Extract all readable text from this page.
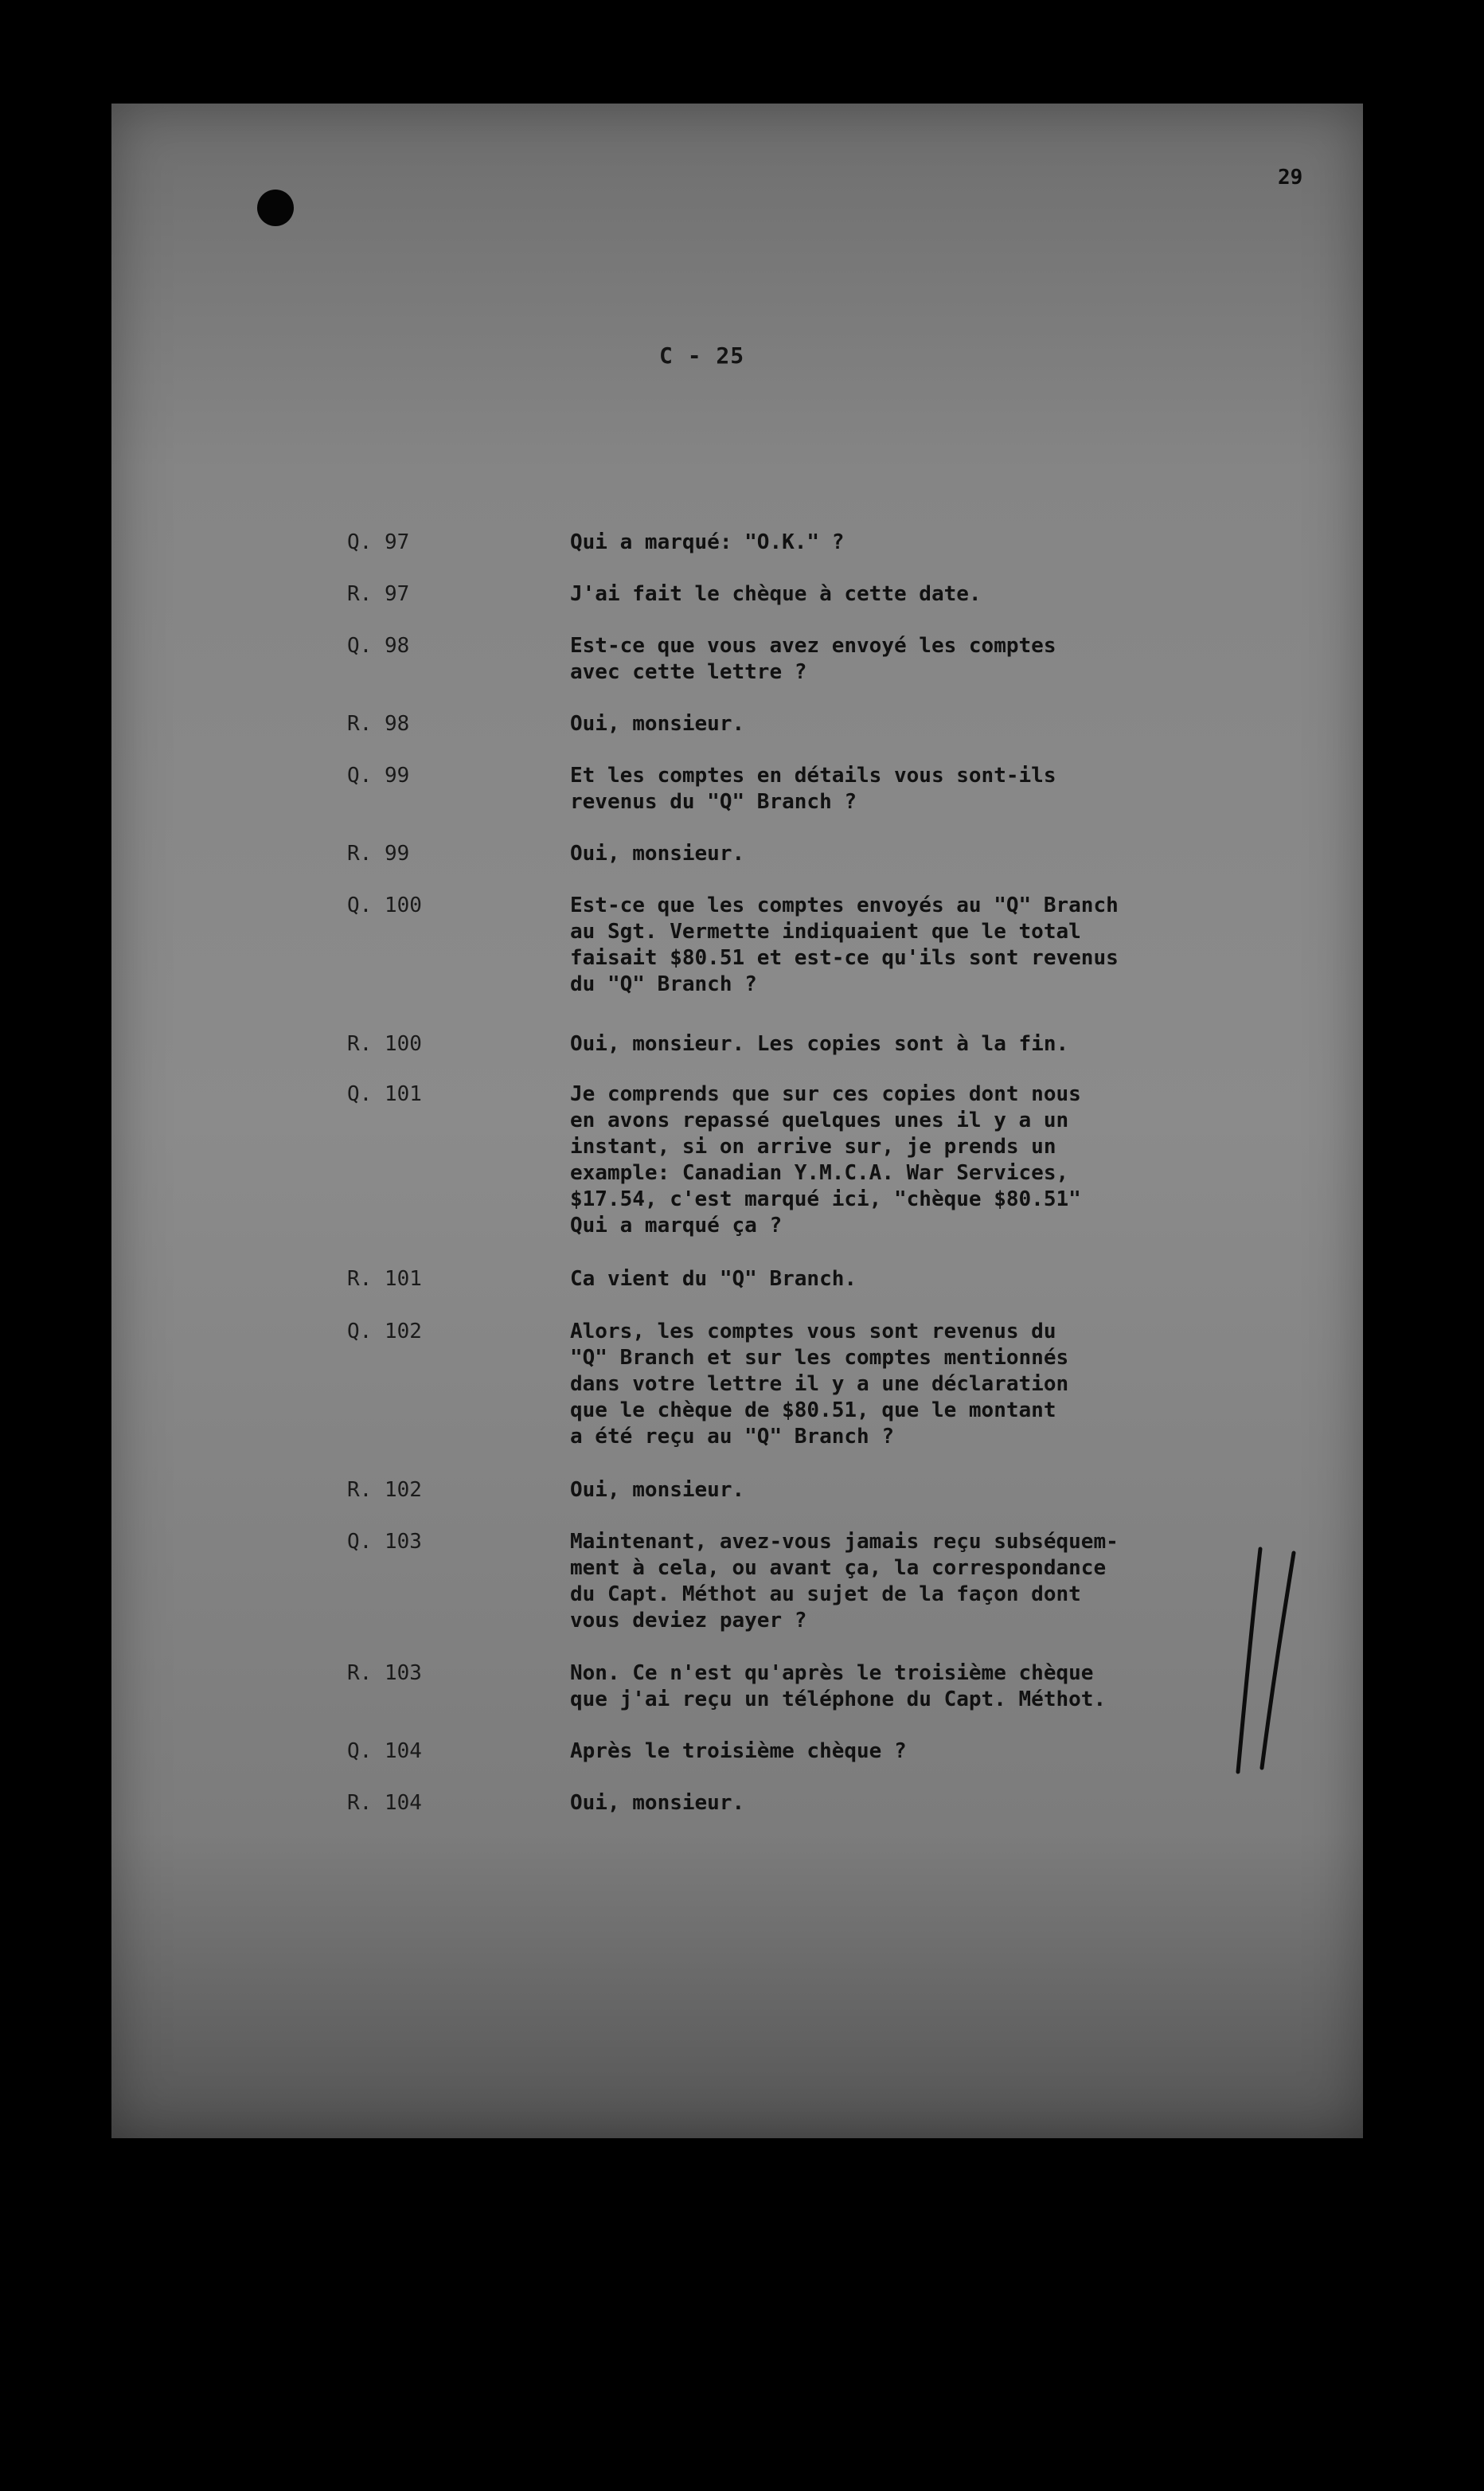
29
C - 25
Q. 97	Qui a marqué: "O.K." ?
R. 97	J'ai fait le chèque à cette date.
Q. 98	Est-ce que vous avez envoyé les comptes
avec cette lettre ?
R. 98	Oui, monsieur.
Q. 99	Et les comptes en détails vous sont-ils
revenus du "Q" Branch ?
R. 99	Oui, monsieur.
Q. 100	Est-ce que les comptes envoyés au "Q" Branch
au Sgt. Vermette indiquaient que le total
faisait $80.51 et est-ce qu'ils sont revenus
du "Q" Branch ?
R. 100	Oui, monsieur. Les copies sont à la fin.
Q. 101	Je comprends que sur ces copies dont nous
en avons repassé quelques unes il y a un
instant, si on arrive sur, je prends un
example: Canadian Y.M.C.A. War Services,
$17.54, c'est marqué ici, "chèque $80.51"
Qui a marqué ça ?
R. 101	Ca vient du "Q" Branch.
Q. 102	Alors, les comptes vous sont revenus du
"Q" Branch et sur les comptes mentionnés
dans votre lettre il y a une déclaration
que le chèque de $80.51, que le montant
a été reçu au "Q" Branch ?
R. 102	Oui, monsieur.
Q. 103	Maintenant, avez-vous jamais reçu subséquem-
ment à cela, ou avant ça, la correspondance
du Capt. Méthot au sujet de la façon dont
vous deviez payer ?
R. 103	Non. Ce n'est qu'après le troisième chèque
que j'ai reçu un téléphone du Capt. Méthot.
Q. 104	Après le troisième chèque ?
R. 104	Oui, monsieur.
